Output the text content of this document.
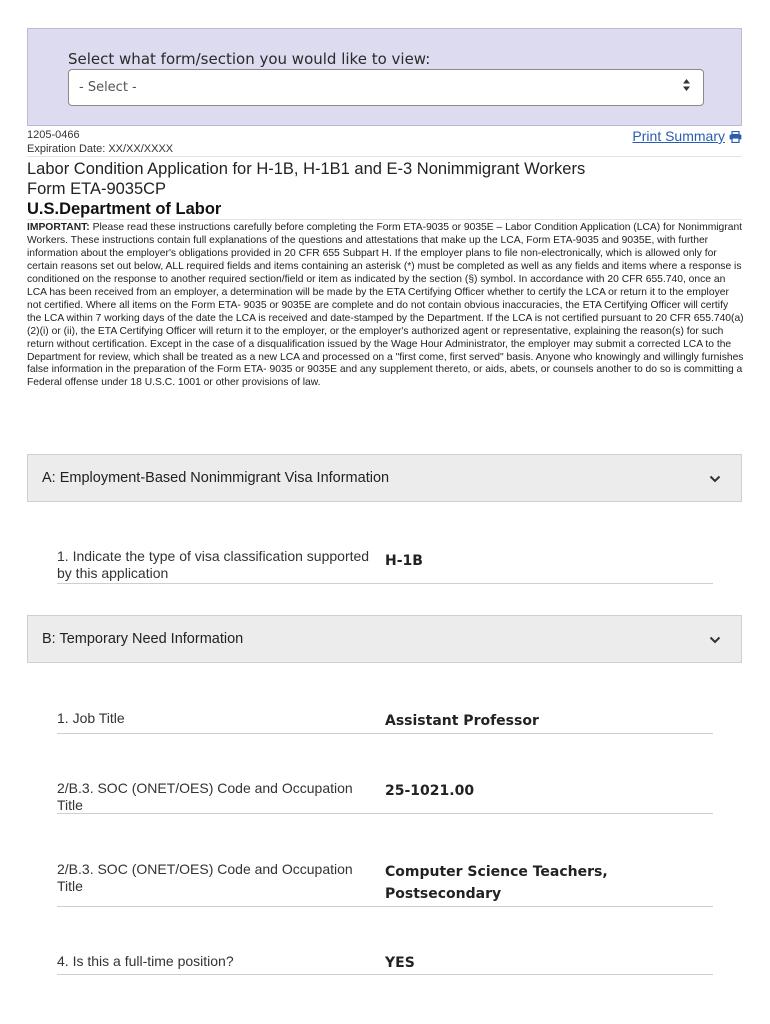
Select what form/section you would like to view:
- Select -
1205-0466
Expiration Date: XX/XX/XXXX
Print Summary
Labor Condition Application for H-1B, H-1B1 and E-3 Nonimmigrant Workers
Form ETA-9035CP
U.S.Department of Labor
IMPORTANT: Please read these instructions carefully before completing the Form ETA-9035 or 9035E – Labor Condition Application (LCA) for Nonimmigrant Workers. These instructions contain full explanations of the questions and attestations that make up the LCA, Form ETA-9035 and 9035E, with further information about the employer's obligations provided in 20 CFR 655 Subpart H. If the employer plans to file non-electronically, which is allowed only for certain reasons set out below, ALL required fields and items containing an asterisk (*) must be completed as well as any fields and items where a response is conditioned on the response to another required section/field or item as indicated by the section (§) symbol. In accordance with 20 CFR 655.740, once an LCA has been received from an employer, a determination will be made by the ETA Certifying Officer whether to certify the LCA or return it to the employer not certified. Where all items on the Form ETA- 9035 or 9035E are complete and do not contain obvious inaccuracies, the ETA Certifying Officer will certify the LCA within 7 working days of the date the LCA is received and date-stamped by the Department. If the LCA is not certified pursuant to 20 CFR 655.740(a)(2)(i) or (ii), the ETA Certifying Officer will return it to the employer, or the employer's authorized agent or representative, explaining the reason(s) for such return without certification. Except in the case of a disqualification issued by the Wage Hour Administrator, the employer may submit a corrected LCA to the Department for review, which shall be treated as a new LCA and processed on a "first come, first served" basis. Anyone who knowingly and willingly furnishes false information in the preparation of the Form ETA- 9035 or 9035E and any supplement thereto, or aids, abets, or counsels another to do so is committing a Federal offense under 18 U.S.C. 1001 or other provisions of law.
A: Employment-Based Nonimmigrant Visa Information
1. Indicate the type of visa classification supported by this application
H-1B
B: Temporary Need Information
1. Job Title	Assistant Professor
2/B.3. SOC (ONET/OES) Code and Occupation Title
25-1021.00
2/B.3. SOC (ONET/OES) Code and Occupation Title
Computer Science Teachers, Postsecondary
4. Is this a full-time position?	YES
